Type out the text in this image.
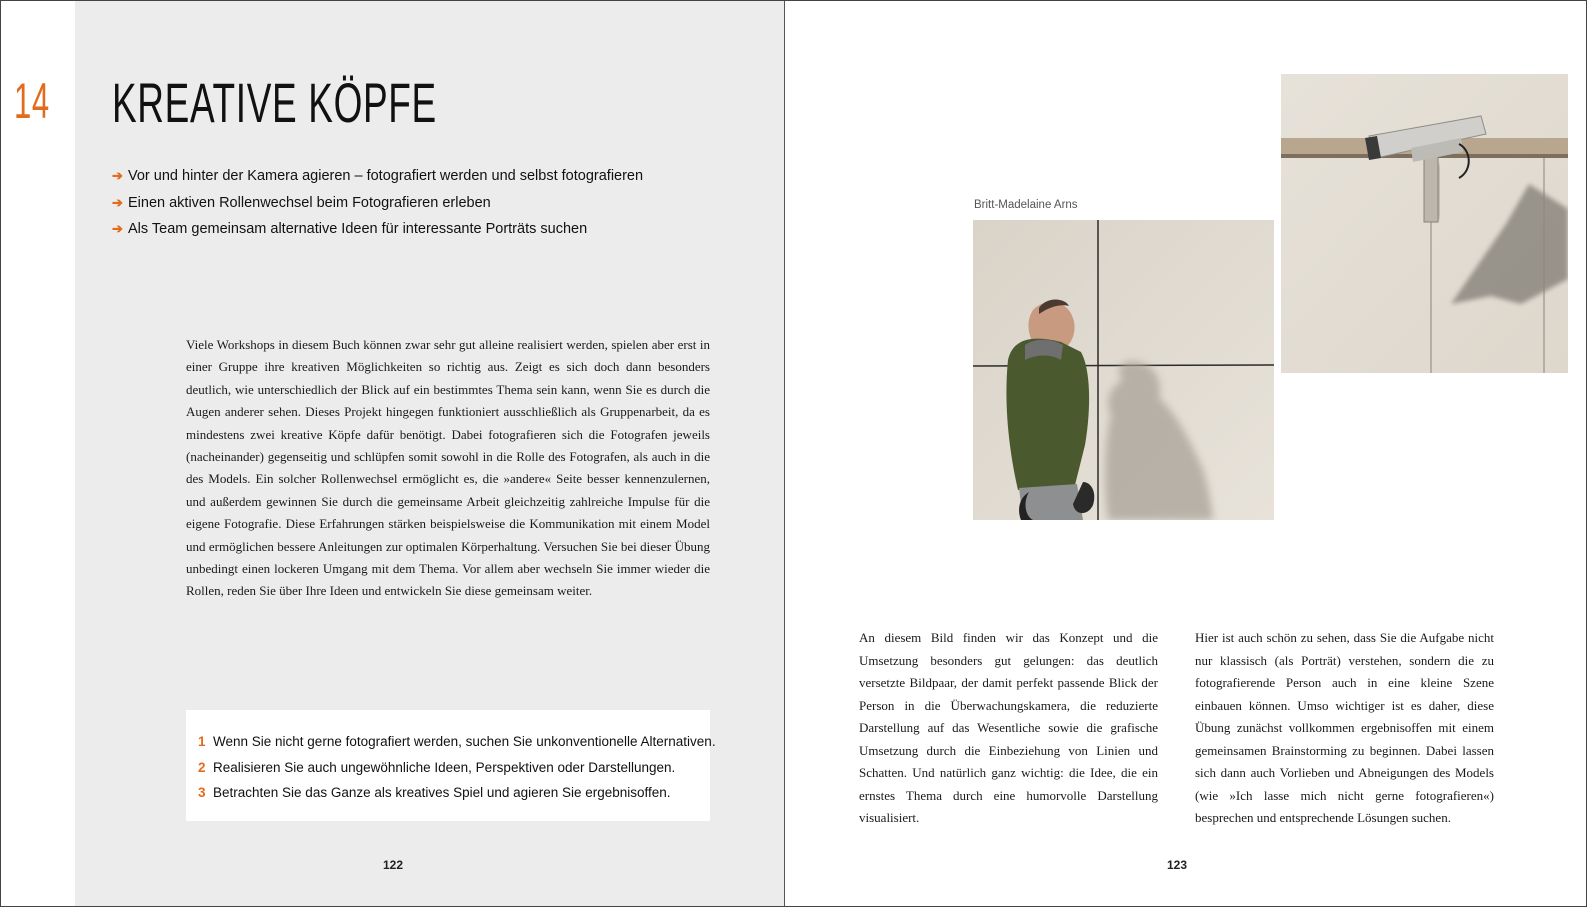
14 KREATIVE KÖPFE
➔ Vor und hinter der Kamera agieren – fotografiert werden und selbst fotografieren
➔ Einen aktiven Rollenwechsel beim Fotografieren erleben
➔ Als Team gemeinsam alternative Ideen für interessante Porträts suchen

Viele Workshops in diesem Buch können zwar sehr gut alleine realisiert werden, spielen aber erst in einer Gruppe ihre kreativen Möglichkeiten so richtig aus. Zeigt es sich doch dann besonders deutlich, wie unterschiedlich der Blick auf ein bestimmtes Thema sein kann, wenn Sie es durch die Augen anderer sehen. Dieses Projekt hingegen funktioniert ausschließlich als Gruppenarbeit, da es mindestens zwei kreative Köpfe dafür benötigt. Dabei fotografieren sich die Fotografen jeweils (nacheinander) gegenseitig und schlüpfen somit sowohl in die Rolle des Fotografen, als auch in die des Models. Ein solcher Rollenwechsel ermöglicht es, die »andere« Seite besser kennenzulernen, und außerdem gewinnen Sie durch die gemeinsame Arbeit gleichzeitig zahlreiche Impulse für die eigene Fotografie. Diese Erfahrungen stärken beispielsweise die Kommunikation mit einem Model und ermöglichen bessere Anleitungen zur optimalen Körperhaltung. Versuchen Sie bei dieser Übung unbedingt einen lockeren Umgang mit dem Thema. Vor allem aber wechseln Sie immer wieder die Rollen, reden Sie über Ihre Ideen und entwickeln Sie diese gemeinsam weiter.

1 Wenn Sie nicht gerne fotografiert werden, suchen Sie unkonventionelle Alternativen.
2 Realisieren Sie auch ungewöhnliche Ideen, Perspektiven oder Darstellungen.
3 Betrachten Sie das Ganze als kreatives Spiel und agieren Sie ergebnisoffen.
122	123
Britt-Madelaine Arns

An diesem Bild finden wir das Konzept und die Umsetzung besonders gut gelungen: das deutlich versetzte Bildpaar, der damit perfekt passende Blick der Person in die Überwachungskamera, die reduzierte Darstellung auf das Wesentliche sowie die grafische Umsetzung durch die Einbeziehung von Linien und Schatten. Und natürlich ganz wichtig: die Idee, die ein ernstes Thema durch eine humorvolle Darstellung visualisiert.

Hier ist auch schön zu sehen, dass Sie die Aufgabe nicht nur klassisch (als Porträt) verstehen, sondern die zu fotografierende Person auch in eine kleine Szene einbauen können. Umso wichtiger ist es daher, diese Übung zunächst vollkommen ergebnisoffen mit einem gemeinsamen Brainstorming zu beginnen. Dabei lassen sich dann auch Vorlieben und Abneigungen des Models (wie »Ich lasse mich nicht gerne fotografieren«) besprechen und entsprechende Lösungen suchen.
